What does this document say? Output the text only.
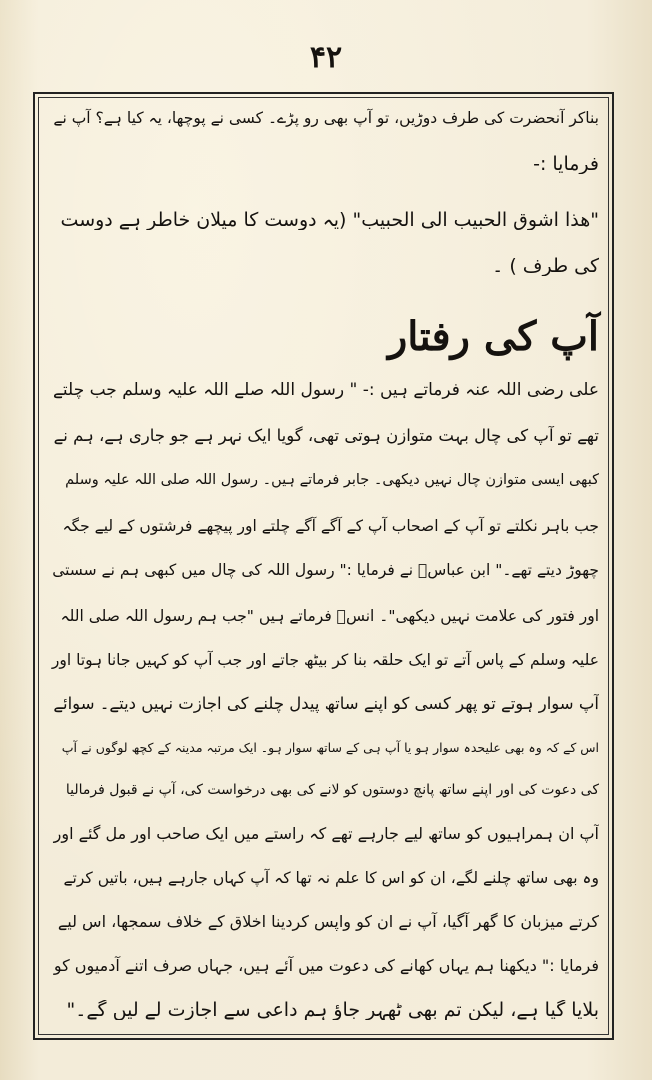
۴۲
بناکر آنحضرت کی طرف دوڑیں، تو آپ بھی رو پڑے۔ کسی نے پوچھا، یہ کیا ہے؟ آپ نے
فرمایا :-
"ھذا اشوق الحبیب الی الحبیب" (یہ دوست کا میلان خاطر ہے دوست
کی طرف ) ۔
آپ کی رفتار
علی رضی اللہ عنہ فرماتے ہیں :- " رسول اللہ صلے اللہ علیہ وسلم جب چلتے
تھے تو آپ کی چال بہت متوازن ہوتی تھی، گویا ایک نہر ہے جو جاری ہے، ہم نے
کبھی ایسی متوازن چال نہیں دیکھی۔ جابر فرماتے ہیں۔ رسول اللہ صلی اللہ علیہ وسلم
جب باہر نکلتے تو آپ کے اصحاب آپ کے آگے آگے چلتے اور پیچھے فرشتوں کے لیے جگہ
چھوڑ دیتے تھے۔" ابن عباسؓ نے فرمایا :" رسول اللہ کی چال میں کبھی ہم نے سستی
اور فتور کی علامت نہیں دیکھی"۔ انسؓ فرماتے ہیں "جب ہم رسول اللہ صلی اللہ
علیہ وسلم کے پاس آتے تو ایک حلقہ بنا کر بیٹھ جاتے اور جب آپ کو کہیں جانا ہوتا اور
آپ سوار ہوتے تو پھر کسی کو اپنے ساتھ پیدل چلنے کی اجازت نہیں دیتے۔ سوائے
اس کے کہ وہ بھی علیحدہ سوار ہو یا آپ ہی کے ساتھ سوار ہو۔ ایک مرتبہ مدینہ کے کچھ لوگوں نے آپ
کی دعوت کی اور اپنے ساتھ پانچ دوستوں کو لانے کی بھی درخواست کی، آپ نے قبول فرمالیا
آپ ان ہمراہیوں کو ساتھ لیے جارہے تھے کہ راستے میں ایک صاحب اور مل گئے اور
وہ بھی ساتھ چلنے لگے، ان کو اس کا علم نہ تھا کہ آپ کہاں جارہے ہیں، باتیں کرتے
کرتے میزبان کا گھر آگیا، آپ نے ان کو واپس کردینا اخلاق کے خلاف سمجھا، اس لیے
فرمایا :" دیکھنا ہم یہاں کھانے کی دعوت میں آئے ہیں، جہاں صرف اتنے آدمیوں کو
بلایا گیا ہے، لیکن تم بھی ٹھہر جاؤ ہم داعی سے اجازت لے لیں گے۔"
